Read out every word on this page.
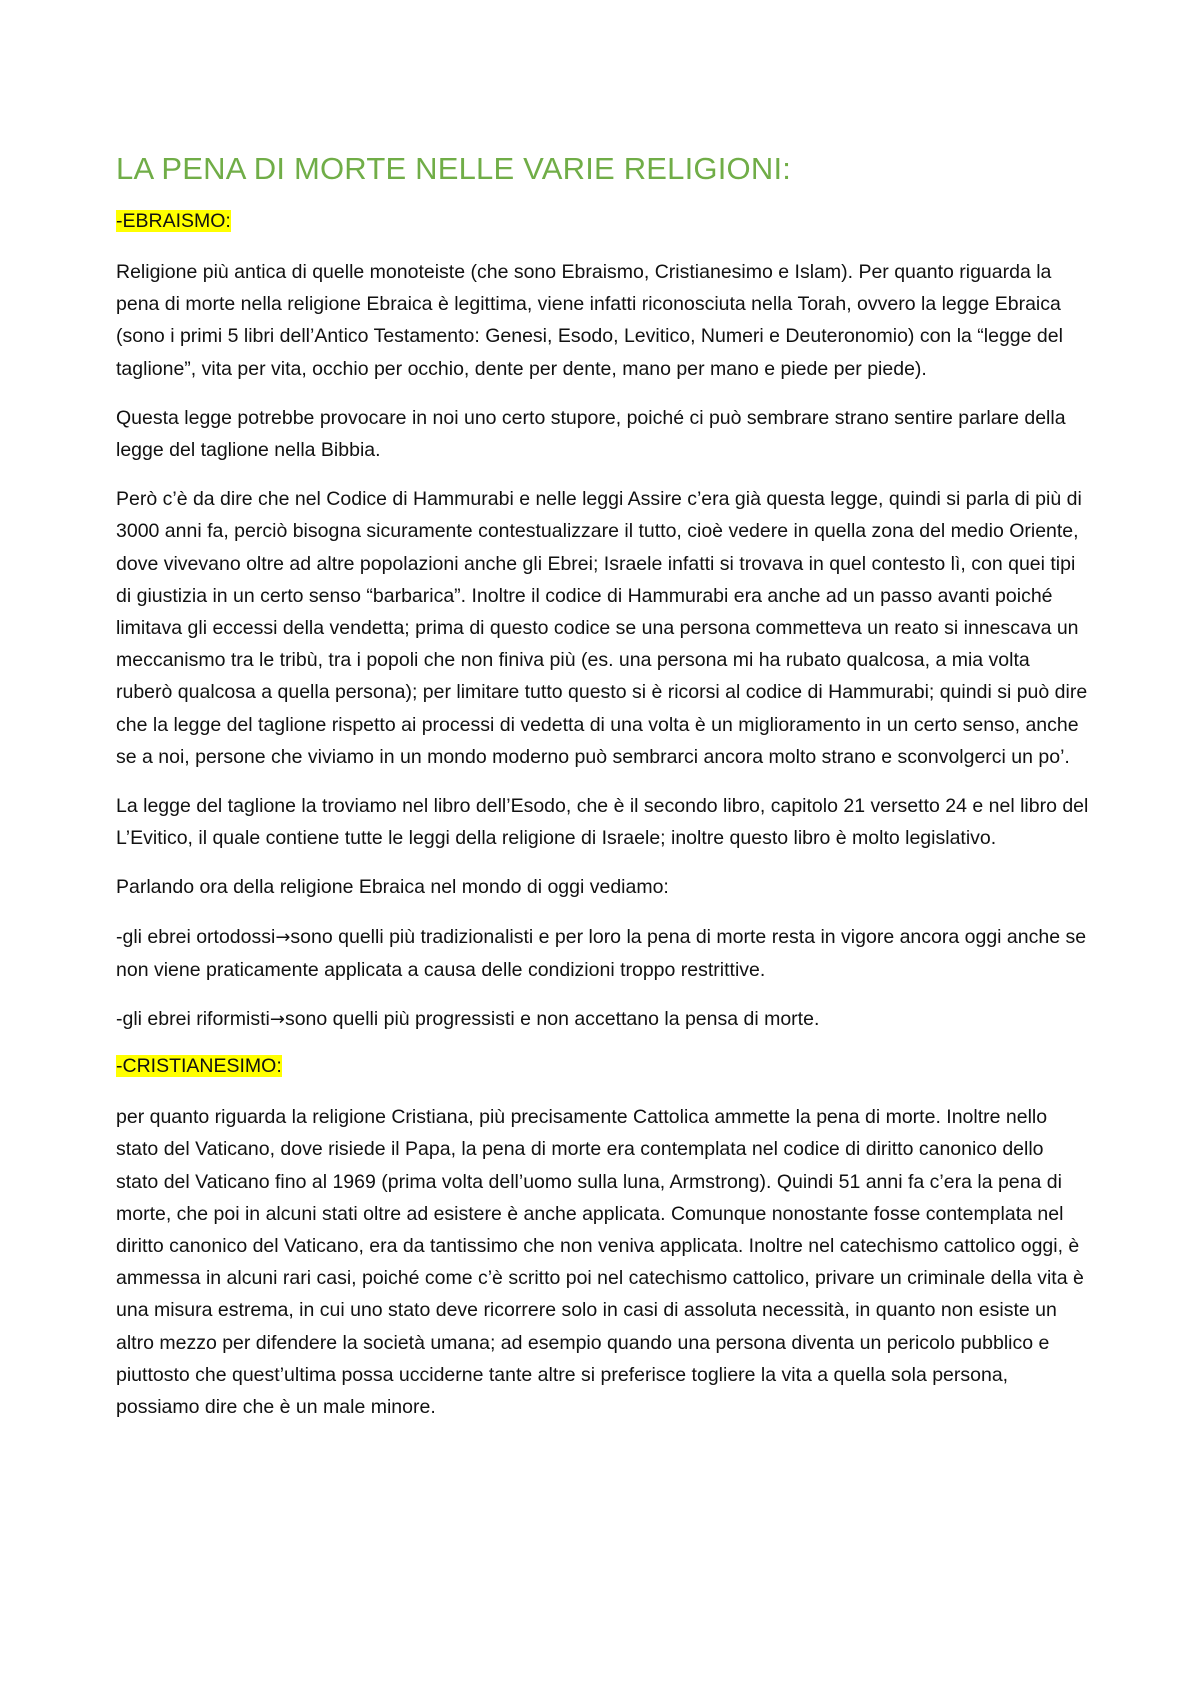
LA PENA DI MORTE NELLE VARIE RELIGIONI:

-EBRAISMO:

Religione più antica di quelle monoteiste (che sono Ebraismo, Cristianesimo e Islam). Per quanto riguarda la pena di morte nella religione Ebraica è legittima, viene infatti riconosciuta nella Torah, ovvero la legge Ebraica (sono i primi 5 libri dell’Antico Testamento: Genesi, Esodo, Levitico, Numeri e Deuteronomio) con la “legge del taglione”, vita per vita, occhio per occhio, dente per dente, mano per mano e piede per piede).

Questa legge potrebbe provocare in noi uno certo stupore, poiché ci può sembrare strano sentire parlare della legge del taglione nella Bibbia.

Però c’è da dire che nel Codice di Hammurabi e nelle leggi Assire c’era già questa legge, quindi si parla di più di 3000 anni fa, perciò bisogna sicuramente contestualizzare il tutto, cioè vedere in quella zona del medio Oriente, dove vivevano oltre ad altre popolazioni anche gli Ebrei; Israele infatti si trovava in quel contesto lì, con quei tipi di giustizia in un certo senso “barbarica”. Inoltre il codice di Hammurabi era anche ad un passo avanti poiché limitava gli eccessi della vendetta; prima di questo codice se una persona commetteva un reato si innescava un meccanismo tra le tribù, tra i popoli che non finiva più (es. una persona mi ha rubato qualcosa, a mia volta ruberò qualcosa a quella persona); per limitare tutto questo si è ricorsi al codice di Hammurabi; quindi si può dire che la legge del taglione rispetto ai processi di vedetta di una volta è un miglioramento in un certo senso, anche se a noi, persone che viviamo in un mondo moderno può sembrarci ancora molto strano e sconvolgerci un po’.

La legge del taglione la troviamo nel libro dell’Esodo, che è il secondo libro, capitolo 21 versetto 24 e nel libro del L’Evitico, il quale contiene tutte le leggi della religione di Israele; inoltre questo libro è molto legislativo.

Parlando ora della religione Ebraica nel mondo di oggi vediamo:

-gli ebrei ortodossi→sono quelli più tradizionalisti e per loro la pena di morte resta in vigore ancora oggi anche se non viene praticamente applicata a causa delle condizioni troppo restrittive.

-gli ebrei riformisti→sono quelli più progressisti e non accettano la pensa di morte.

-CRISTIANESIMO:

per quanto riguarda la religione Cristiana, più precisamente Cattolica ammette la pena di morte. Inoltre nello stato del Vaticano, dove risiede il Papa, la pena di morte era contemplata nel codice di diritto canonico dello stato del Vaticano fino al 1969 (prima volta dell’uomo sulla luna, Armstrong). Quindi 51 anni fa c’era la pena di morte, che poi in alcuni stati oltre ad esistere è anche applicata. Comunque nonostante fosse contemplata nel diritto canonico del Vaticano, era da tantissimo che non veniva applicata. Inoltre nel catechismo cattolico oggi, è ammessa in alcuni rari casi, poiché come c’è scritto poi nel catechismo cattolico, privare un criminale della vita è una misura estrema, in cui uno stato deve ricorrere solo in casi di assoluta necessità, in quanto non esiste un altro mezzo per difendere la società umana; ad esempio quando una persona diventa un pericolo pubblico e piuttosto che quest’ultima possa ucciderne tante altre si preferisce togliere la vita a quella sola persona, possiamo dire che è un male minore.
